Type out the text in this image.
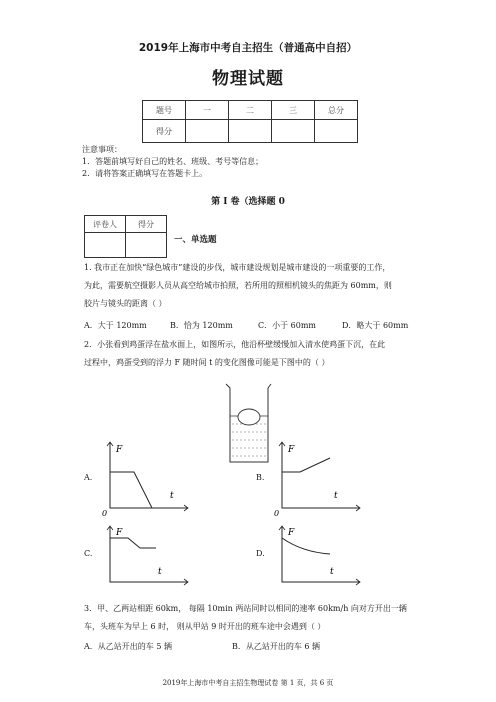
2019年上海市中考自主招生（普通高中自招）
物理试题
题号	一	二	三	总分
得分				
注意事项：
1．答题前填写好自己的姓名、班级、考号等信息；
2．请将答案正确填写在答题卡上。
第 I 卷（选择题 0
评卷人	得分

一、单选题
1. 我市正在加快“绿色城市”建设的步伐，城市建设规划是城市建设的一项重要的工作，
为此，需要航空摄影人员从高空给城市拍照，若所用的照相机镜头的焦距为 60mm，则
胶片与镜头的距离（ ）
A．大于 120mm	B．恰为 120mm	C．小于 60mm	D．略大于 60mm
2．小张看到鸡蛋浮在盐水面上，如图所示，他沿杯壁缓慢加入清水使鸡蛋下沉，在此
过程中，鸡蛋受到的浮力 F 随时间 t 的变化图像可能是下图中的（ ）
A.
F
t
0
B.
F
t
0
C.
F
t
D.
F
t
3．甲、乙两站相距 60km， 每隔 10min 两站同时以相同的速率 60km/h 向对方开出一辆
车，头班车为早上 6 时， 则从甲站 9 时开出的班车途中会遇到（ ）
A．从乙站开出的车 5 辆	B．从乙站开出的车 6 辆
2019年上海市中考自主招生物理试卷 第 1 页，共 6 页
